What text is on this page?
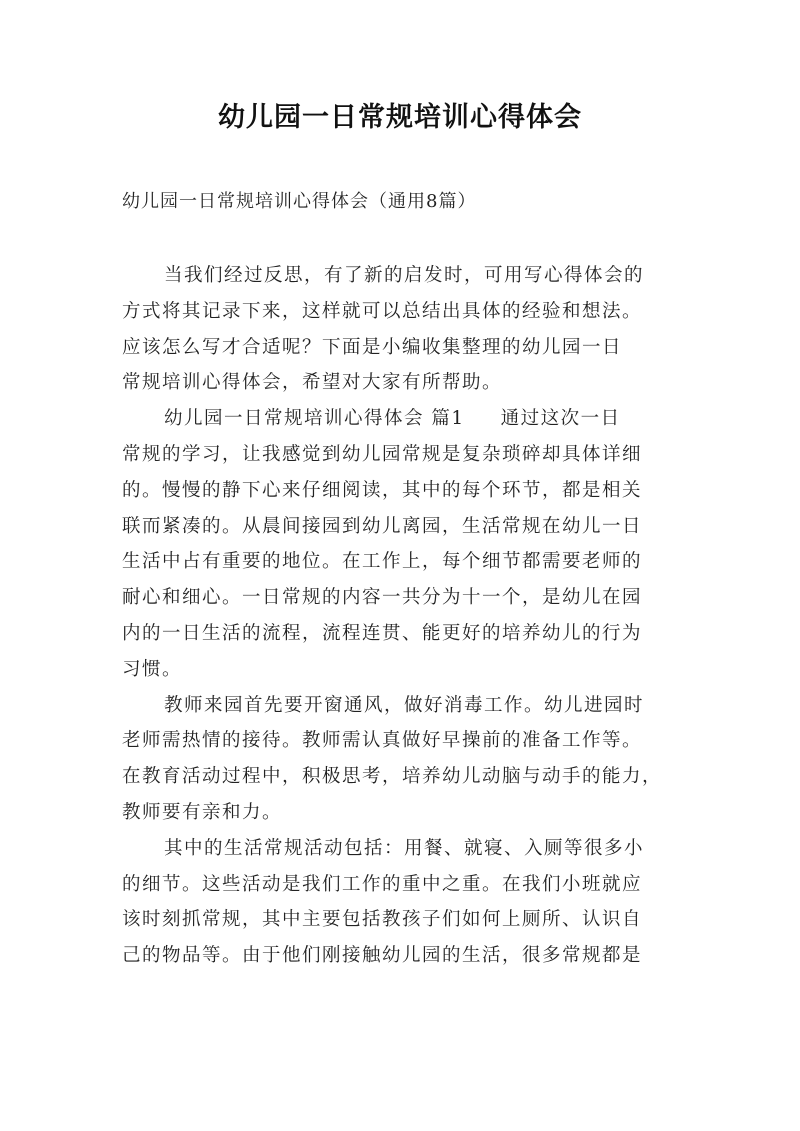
幼儿园一日常规培训心得体会
幼儿园一日常规培训心得体会（通用8篇）
当我们经过反思，有了新的启发时，可用写心得体会的
方式将其记录下来，这样就可以总结出具体的经验和想法。
应该怎么写才合适呢？下面是小编收集整理的幼儿园一日
常规培训心得体会，希望对大家有所帮助。
幼儿园一日常规培训心得体会 篇1 通过这次一日
常规的学习，让我感觉到幼儿园常规是复杂琐碎却具体详细
的。慢慢的静下心来仔细阅读，其中的每个环节，都是相关
联而紧凑的。从晨间接园到幼儿离园，生活常规在幼儿一日
生活中占有重要的地位。在工作上，每个细节都需要老师的
耐心和细心。一日常规的内容一共分为十一个，是幼儿在园
内的一日生活的流程，流程连贯、能更好的培养幼儿的行为
习惯。
教师来园首先要开窗通风，做好消毒工作。幼儿进园时
老师需热情的接待。教师需认真做好早操前的准备工作等。
在教育活动过程中，积极思考，培养幼儿动脑与动手的能力，
教师要有亲和力。
其中的生活常规活动包括：用餐、就寝、入厕等很多小
的细节。这些活动是我们工作的重中之重。在我们小班就应
该时刻抓常规，其中主要包括教孩子们如何上厕所、认识自
己的物品等。由于他们刚接触幼儿园的生活，很多常规都是
